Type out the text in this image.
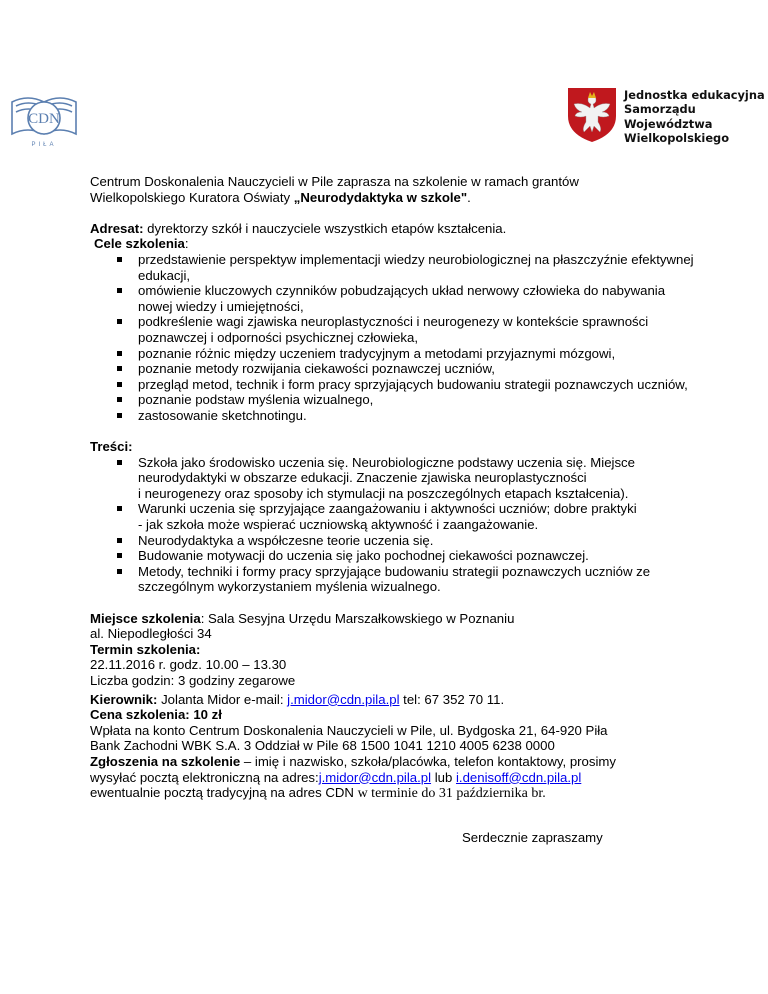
CDN
PIŁA
Jednostka edukacyjna
Samorządu
Województwa
Wielkopolskiego

Centrum Doskonalenia Nauczycieli w Pile zaprasza na szkolenie w ramach grantów
Wielkopolskiego Kuratora Oświaty „Neurodydaktyka w szkole".

Adresat: dyrektorzy szkół i nauczyciele wszystkich etapów kształcenia.

Cele szkolenia:

przedstawienie perspektyw implementacji wiedzy neurobiologicznej na płaszczyźnie efektywnej edukacji,
omówienie kluczowych czynników pobudzających układ nerwowy człowieka do nabywania nowej wiedzy i umiejętności,
podkreślenie wagi zjawiska neuroplastyczności i neurogenezy w kontekście sprawności poznawczej i odporności psychicznej człowieka,
poznanie różnic między uczeniem tradycyjnym a metodami przyjaznymi mózgowi,
poznanie metody rozwijania ciekawości poznawczej uczniów,
przegląd metod, technik i form pracy sprzyjających budowaniu strategii poznawczych uczniów,
poznanie podstaw myślenia wizualnego,
zastosowanie sketchnotingu.

Treści:

Szkoła jako środowisko uczenia się. Neurobiologiczne podstawy uczenia się. Miejsce neurodydaktyki w obszarze edukacji. Znaczenie zjawiska neuroplastyczności
i neurogenezy oraz sposoby ich stymulacji na poszczególnych etapach kształcenia).
Warunki uczenia się sprzyjające zaangażowaniu i aktywności uczniów; dobre praktyki
- jak szkoła może wspierać uczniowską aktywność i zaangażowanie.
Neurodydaktyka a współczesne teorie uczenia się.
Budowanie motywacji do uczenia się jako pochodnej ciekawości poznawczej.
Metody, techniki i formy pracy sprzyjające budowaniu strategii poznawczych uczniów ze szczególnym wykorzystaniem myślenia wizualnego.

Miejsce szkolenia: Sala Sesyjna Urzędu Marszałkowskiego w Poznaniu

al. Niepodległości 34

Termin szkolenia:

22.11.2016 r. godz. 10.00 – 13.30

Liczba godzin: 3 godziny zegarowe

Kierownik: Jolanta Midor e-mail: j.midor@cdn.pila.pl tel: 67 352 70 11.

Cena szkolenia: 10 zł

Wpłata na konto Centrum Doskonalenia Nauczycieli w Pile, ul. Bydgoska 21, 64-920 Piła

Bank Zachodni WBK S.A. 3 Oddział w Pile 68 1500 1041 1210 4005 6238 0000

Zgłoszenia na szkolenie – imię i nazwisko, szkoła/placówka, telefon kontaktowy, prosimy

wysyłać pocztą elektroniczną na adres:j.midor@cdn.pila.pl lub i.denisoff@cdn.pila.pl

ewentualnie pocztą tradycyjną na adres CDN w terminie do 31 października br.

Serdecznie zapraszamy
